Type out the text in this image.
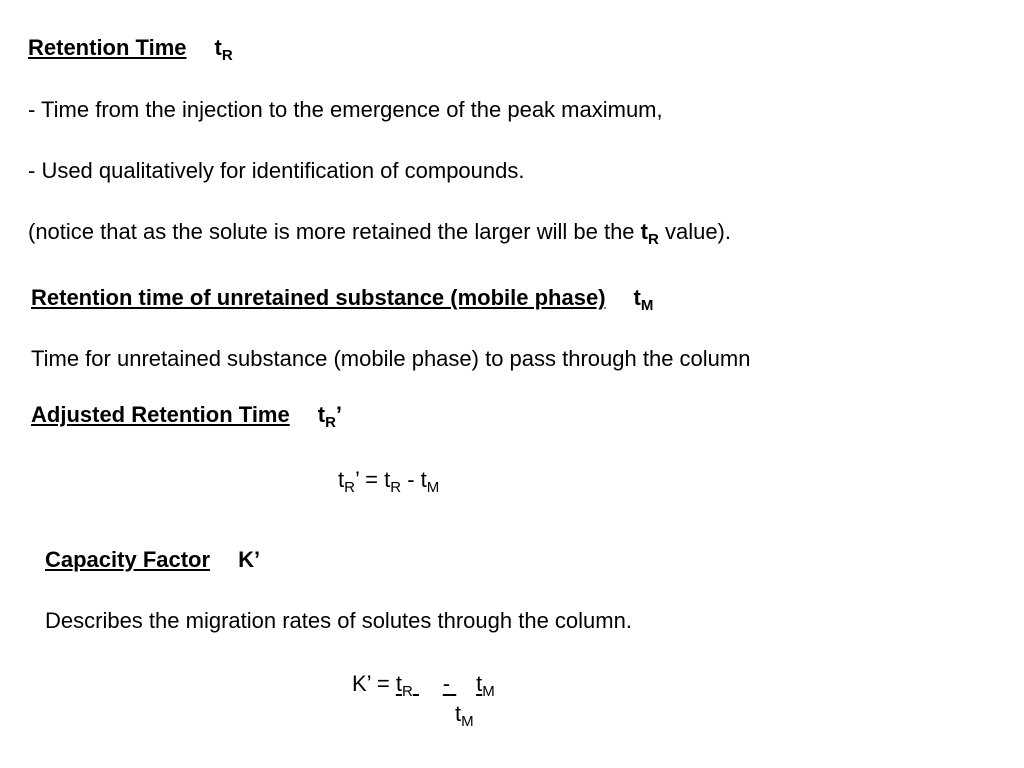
Retention Time $t_R$
- Time from the injection to the emergence of the peak maximum,
- Used qualitatively for identification of compounds.
(notice that as the solute is more retained the larger will be the $t_R$ value).
Retention time of unretained substance (mobile phase) $t_M$
Time for unretained substance (mobile phase) to pass through the column
Adjusted Retention Time $t_R$’
$t_R$’ = $t_R - t_M$
Capacity Factor K’
Describes the migration rates of solutes through the column.
K’ = $t_R - t_M$
$t_M$
